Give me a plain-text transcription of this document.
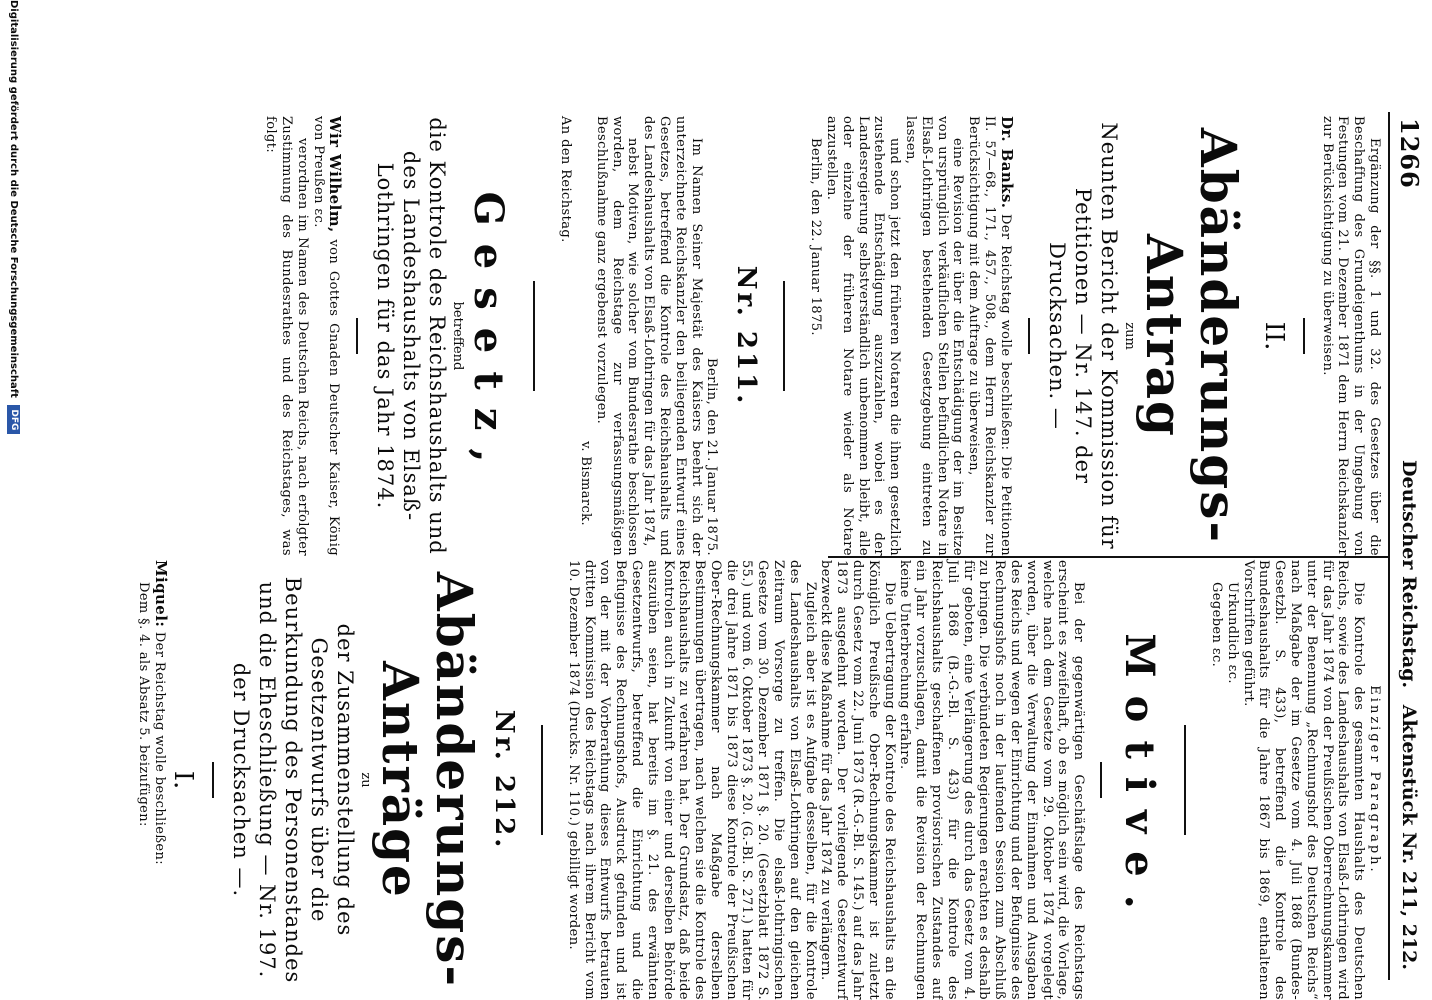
1266
Deutscher Reichstag.
Aktenstück Nr. 211, 212.

Ergänzung der §§. 1 und 32. des Gesetzes über die Beschaffung des Grundeigenthums in der Umgebung von Festungen vom 21. Dezember 1871 dem Herrn Reichskanzler zur Berücksichtigung zu überweisen.

II.

Abänderungs-Antrag

zum

Neunten Bericht der Kommission für Petitionen — Nr. 147. der Drucksachen. —

Dr. Banks. Der Reichstag wolle beschließen: Die Petitionen II. 57—68., 171., 457., 508., dem Herrn Reichskanzler zur Berücksichtigung mit dem Auftrage zu überweisen,

eine Revision der über die Entschädigung der im Besitze von ursprünglich verkäuflichen Stellen befindlichen Notare in Elsaß-Lothringen bestehenden Gesetzgebung eintreten zu lassen,

und schon jetzt den früheren Notaren die ihnen gesetzlich zustehende Entschädigung auszuzahlen, wobei es der Landesregierung selbstverständlich unbenommen bleibt, alle oder einzelne der früheren Notare wieder als Notare anzustellen.

Berlin, den 22. Januar 1875.

Nr. 211.

Berlin, den 21. Januar 1875.

Im Namen Seiner Majestät des Kaisers beehrt sich der unterzeichnete Reichskanzler den beiliegenden Entwurf eines Gesetzes, betreffend die Kontrole des Reichshaushalts und des Landeshaushalts von Elsaß-Lothringen für das Jahr 1874,

nebst Motiven, wie solcher vom Bundesrathe beschlossen worden, dem Reichstage zur verfassungsmäßigen Beschlußnahme ganz ergebenst vorzulegen.

v. Bismarck.

An den Reichstag.

Gesetz,

betreffend

die Kontrole des Reichshaushalts und des Landeshaushalts von Elsaß-Lothringen für das Jahr 1874.

Wir Wilhelm, von Gottes Gnaden Deutscher Kaiser, König von Preußen ɛc.

verordnen im Namen des Deutschen Reichs, nach erfolgter Zustimmung des Bundesrathes und des Reichstages, was folgt:

Einziger Paragraph.

Die Kontrole des gesammten Haushalts des Deutschen Reichs, sowie des Landeshaushalts von Elsaß-Lothringen wird für das Jahr 1874 von der Preußischen Oberrechnungskammer unter der Benennung „Rechnungshof des Deutschen Reichs“ nach Maßgabe der im Gesetze vom 4. Juli 1868 (Bundes-Gesetzbl. S. 433), betreffend die Kontrole des Bundeshaushalts für die Jahre 1867 bis 1869, enthaltenen Vorschriften geführt.

Urkundlich ɛc.

Gegeben ɛc.

Motive.

Bei der gegenwärtigen Geschäftslage des Reichstags erscheint es zweifelhaft, ob es möglich sein wird, die Vorlage, welche nach dem Gesetze vom 29. Oktober 1874 vorgelegt worden, über die Verwaltung der Einnahmen und Ausgaben des Reichs und wegen der Einrichtung und der Befugnisse des Rechnungshofs noch in der laufenden Session zum Abschluß zu bringen. Die verbündeten Regierungen erachten es deshalb für geboten, eine Verlängerung des durch das Gesetz vom 4. Juli 1868 (B.-G.-Bl. S. 433) für die Kontrole des Reichshaushalts geschaffenen provisorischen Zustandes auf ein Jahr vorzuschlagen, damit die Revision der Rechnungen keine Unterbrechung erfahre.

Die Uebertragung der Kontrole des Reichshaushalts an die Königlich Preußische Ober-Rechnungskammer ist zuletzt durch Gesetz vom 22. Juni 1873 (R.-G.-Bl. S. 145.) auf das Jahr 1873 ausgedehnt worden. Der vorliegende Gesetzentwurf bezweckt diese Maßnahme für das Jahr 1874 zu verlängern.

Zugleich aber ist es Aufgabe desselben, für die Kontrole des Landeshaushalts von Elsaß-Lothringen auf den gleichen Zeitraum Vorsorge zu treffen. Die elsaß-lothringischen Gesetze vom 30. Dezember 1871 §. 20. (Gesetzblatt 1872 S. 55.) und vom 6. Oktober 1873 §. 20. (G.-Bl. S. 271.) hatten für die drei Jahre 1871 bis 1873 diese Kontrole der Preußischen Ober-Rechnungskammer nach Maßgabe derselben Bestimmungen übertragen, nach welchen sie die Kontrole des Reichshaushalts zu verfahren hat. Der Grundsatz, daß beide Kontrolen auch in Zukunft von einer und derselben Behörde auszuüben seien, hat bereits im §. 21. des erwähnten Gesetzentwurfs, betreffend die Einrichtung und die Befugnisse des Rechnungshofs, Ausdruck gefunden und ist von der mit der Vorberathung dieses Entwurfs betrauten dritten Kommission des Reichstags nach ihrem Bericht vom 10. Dezember 1874 (Drucks. Nr. 110.) gebilligt worden.

Nr. 212.

Abänderungs-Anträge

zu

der Zusammenstellung des Gesetzentwurfs über die Beurkundung des Personenstandes und die Eheschließung — Nr. 197. der Drucksachen —.

I.

Miquel: Der Reichstag wolle beschließen:

Dem §. 4. als Absatz 5. beizufügen:

Digitalisierung gefördert durch die Deutsche Forschungsgemeinschaft DFG
